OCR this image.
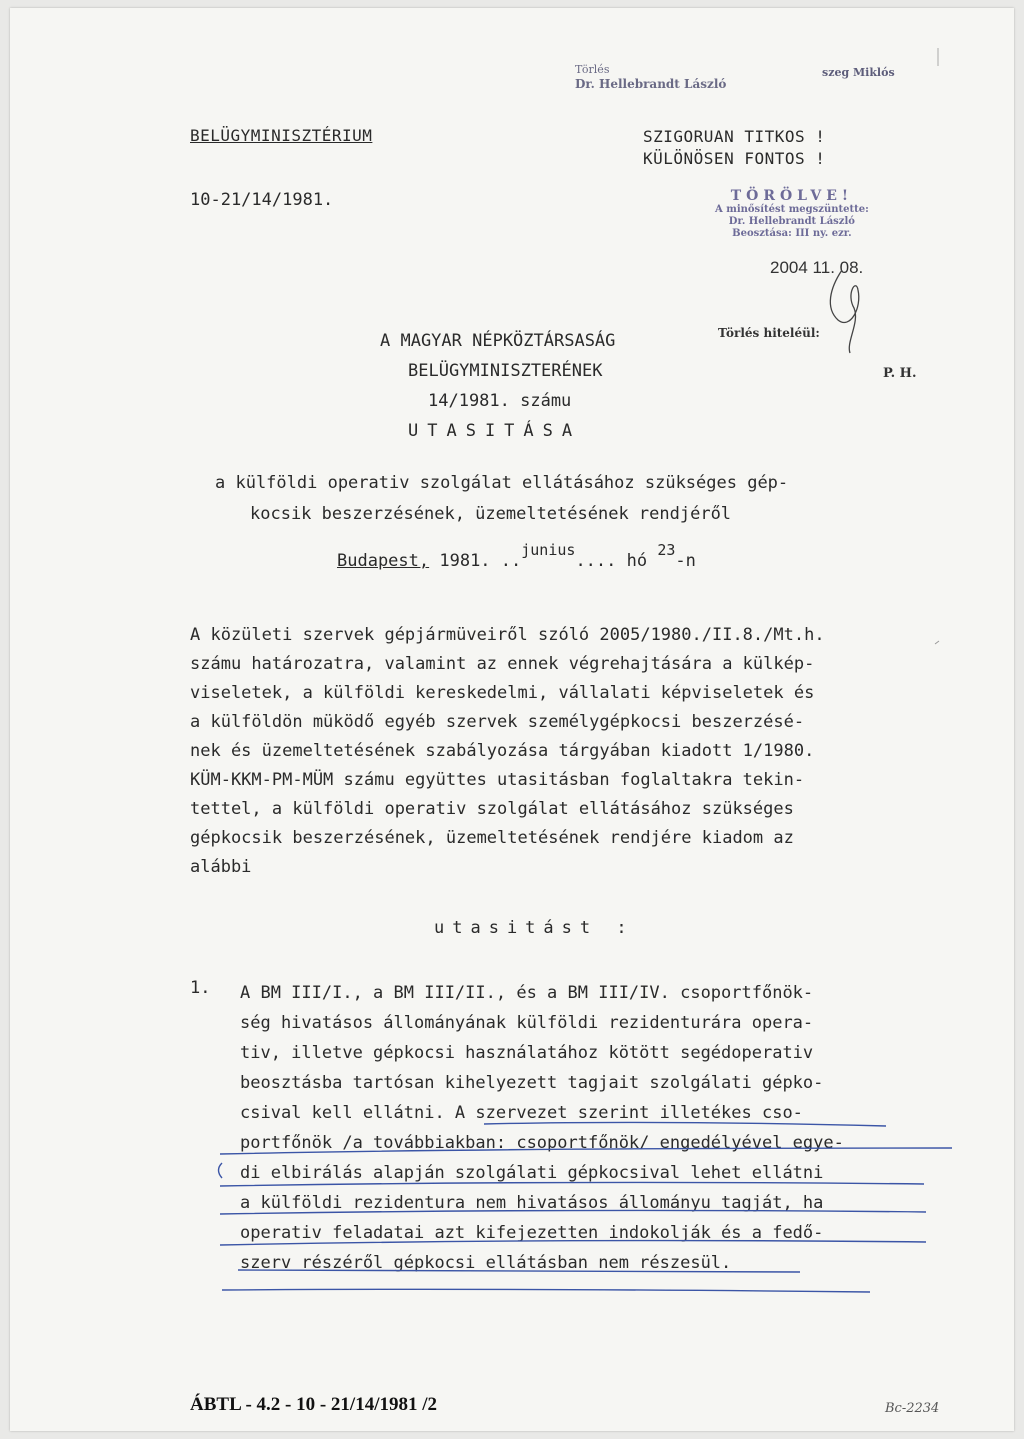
Törlés
Dr. Hellebrandt László
szeg Miklós
BELÜGYMINISZTÉRIUM
10-21/14/1981.
SZIGORUAN TITKOS !
KÜLÖNÖSEN FONTOS !
TÖRÖLVE!
A minősítést megszüntette:
Dr. Hellebrandt László
Beosztása: III ny. ezr.
2004 11. 08.
Törlés hiteléül:
P. H.
A MAGYAR NÉPKÖZTÁRSASÁG
BELÜGYMINISZTERÉNEK
14/1981. számu
UTASITÁSA
a külföldi operativ szolgálat ellátásához szükséges gép-
kocsik beszerzésének, üzemeltetésének rendjéről
Budapest, 1981. ..junius.... hó 23-n
A közületi szervek gépjármüveiről szóló 2005/1980./II.8./Mt.h.
számu határozatra, valamint az ennek végrehajtására a külkép-
viseletek, a külföldi kereskedelmi, vállalati képviseletek és
a külföldön müködő egyéb szervek személygépkocsi beszerzésé-
nek és üzemeltetésének szabályozása tárgyában kiadott 1/1980.
KÜM-KKM-PM-MÜM számu együttes utasitásban foglaltakra tekin-
tettel, a külföldi operativ szolgálat ellátásához szükséges
gépkocsik beszerzésének, üzemeltetésének rendjére kiadom az
alábbi
utasitást :
1. A BM III/I., a BM III/II., és a BM III/IV. csoportfőnök-
ség hivatásos állományának külföldi rezidenturára opera-
tiv, illetve gépkocsi használatához kötött segédoperativ
beosztásba tartósan kihelyezett tagjait szolgálati gépko-
csival kell ellátni. A szervezet szerint illetékes cso-
portfőnök /a továbbiakban: csoportfőnök/ engedélyével egye-
di elbirálás alapján szolgálati gépkocsival lehet ellátni
a külföldi rezidentura nem hivatásos állományu tagját, ha
operativ feladatai azt kifejezetten indokolják és a fedő-
szerv részéről gépkocsi ellátásban nem részesül.
ÁBTL - 4.2 - 10 - 21/14/1981 /2	Bc-2234
